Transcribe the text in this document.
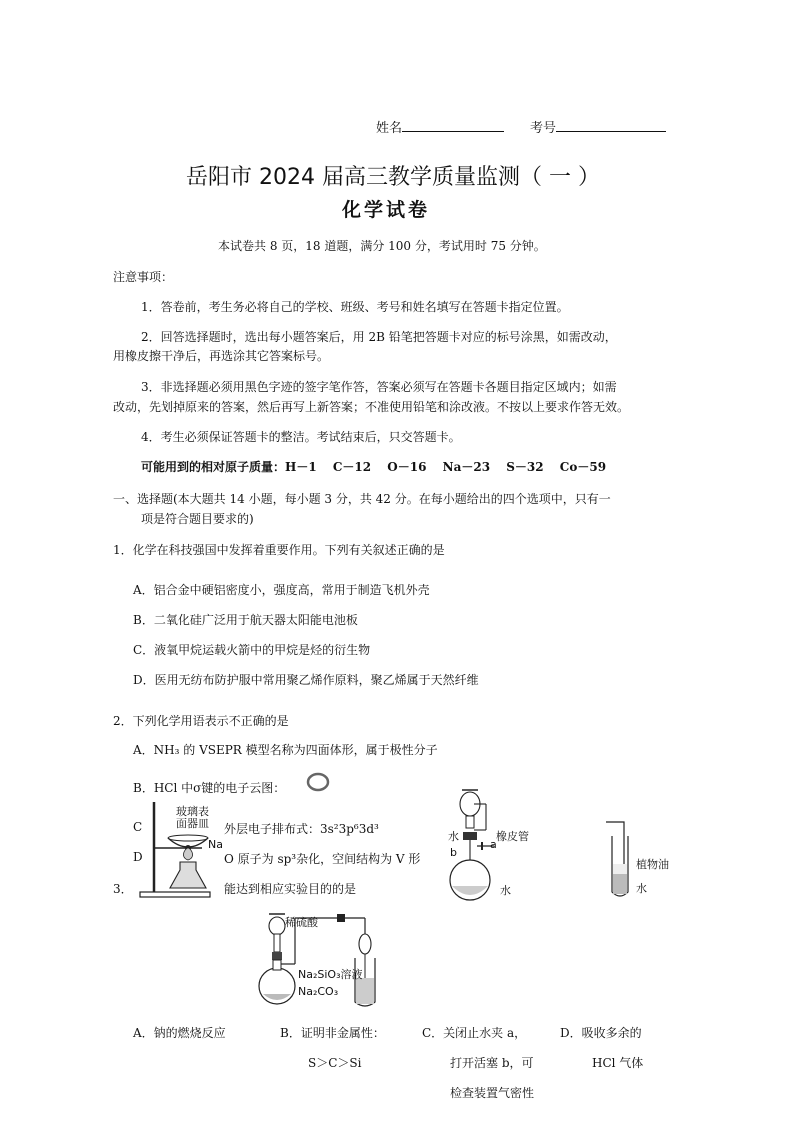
姓名	考号
岳阳市 2024 届高三教学质量监测（ 一 ）
化学试卷
本试卷共 8 页，18 道题，满分 100 分，考试用时 75 分钟。
注意事项：
1．答卷前，考生务必将自己的学校、班级、考号和姓名填写在答题卡指定位置。
2．回答选择题时，选出每小题答案后，用 2B 铅笔把答题卡对应的标号涂黑，如需改动，
用橡皮擦干净后，再选涂其它答案标号。
3．非选择题必须用黑色字迹的签字笔作答，答案必须写在答题卡各题目指定区域内；如需
改动，先划掉原来的答案，然后再写上新答案；不准使用铅笔和涂改液。不按以上要求作答无效。
4．考生必须保证答题卡的整洁。考试结束后，只交答题卡。
可能用到的相对原子质量：H－1　 C－12　 O－16　 Na－23　 S－32　 Co－59
一、选择题(本大题共 14 小题，每小题 3 分，共 42 分。在每小题给出的四个选项中，只有一
项是符合题目要求的)
1．化学在科技强国中发挥着重要作用。下列有关叙述正确的是
A．铝合金中硬铝密度小，强度高，常用于制造飞机外壳
B．二氧化硅广泛用于航天器太阳能电池板
C．液氧甲烷运载火箭中的甲烷是烃的衍生物
D．医用无纺布防护服中常用聚乙烯作原料，聚乙烯属于天然纤维
2．下列化学用语表示不正确的是
A．NH₃ 的 VSEPR 模型名称为四面体形，属于极性分子
B．HCl 中σ键的电子云图：
C	外层电子排布式：3s²3p⁶3d³
D	O 原子为 sp³杂化，空间结构为 V 形
3．	能达到相应实验目的的是
玻璃表
面器皿
Na
稀硫酸
Na₂SiO₃溶液
Na₂CO₃
水	橡皮管
b
a
水
植物油
水
A．钠的燃烧反应	B．证明非金属性：
S＞C＞Si
C．关闭止水夹 a，
打开活塞 b，可
检查装置气密性
D．吸收多余的
HCl 气体
